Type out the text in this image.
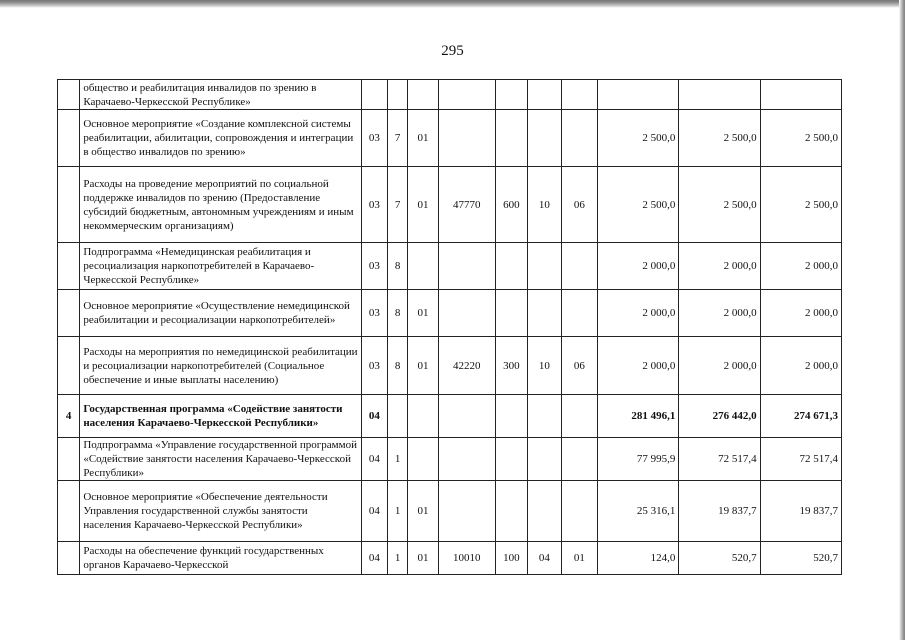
295
	общество и реабилитация инвалидов по зрению в Карачаево-Черкесской Республике»										
	Основное мероприятие «Создание комплексной системы реабилитации, абилитации, сопровождения и интеграции в общество инвалидов по зрению»	03	7	01					2 500,0	2 500,0	2 500,0
	Расходы на проведение мероприятий по социальной поддержке инвалидов по зрению (Предоставление субсидий бюджетным, автономным учреждениям и иным некоммерческим организациям)	03	7	01	47770	600	10	06	2 500,0	2 500,0	2 500,0
	Подпрограмма «Немедицинская реабилитация и ресоциализация наркопотребителей в Карачаево-Черкесской Республике»	03	8						2 000,0	2 000,0	2 000,0
	Основное мероприятие «Осуществление немедицинской реабилитации и ресоциализации наркопотребителей»	03	8	01					2 000,0	2 000,0	2 000,0
	Расходы на мероприятия по немедицинской реабилитации и ресоциализации наркопотребителей (Социальное обеспечение и иные выплаты населению)	03	8	01	42220	300	10	06	2 000,0	2 000,0	2 000,0
4	Государственная программа «Содействие занятости населения Карачаево-Черкесской Республики»	04							281 496,1	276 442,0	274 671,3
	Подпрограмма «Управление государственной программой «Содействие занятости населения Карачаево-Черкесской Республики»	04	1						77 995,9	72 517,4	72 517,4
	Основное мероприятие «Обеспечение деятельности Управления государственной службы занятости населения Карачаево-Черкесской Республики»	04	1	01					25 316,1	19 837,7	19 837,7
	Расходы на обеспечение функций государственных органов Карачаево-Черкесской	04	1	01	10010	100	04	01	124,0	520,7	520,7
